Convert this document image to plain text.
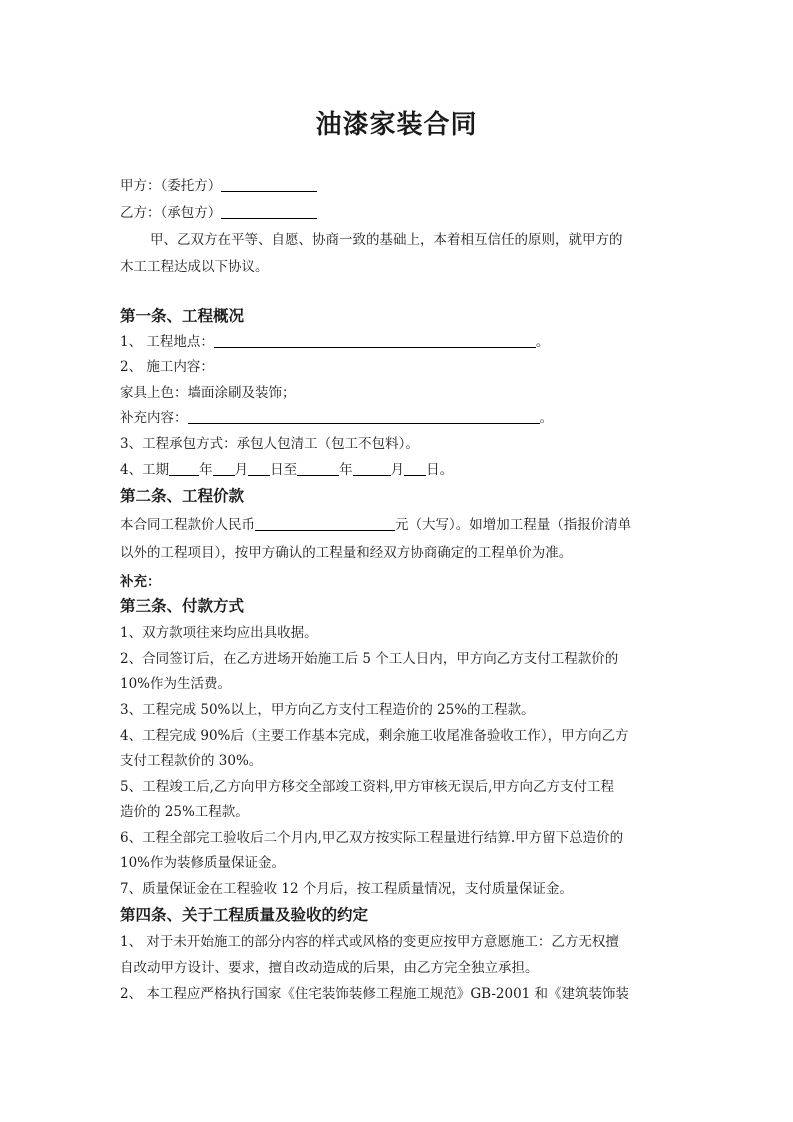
油漆家装合同
甲方：（委托方）
乙方：（承包方）
甲、乙双方在平等、自愿、协商一致的基础上，本着相互信任的原则，就甲方的
木工工程达成以下协议。
第一条、工程概况
1、 工程地点：	。
2、 施工内容：
家具上色：墙面涂刷及装饰；
补充内容：	。
3、工程承包方式：承包人包清工（包工不包料）。
4、工期 年 月 日至	年	月 日。
第二条、工程价款
本合同工程款价人民币	元（大写）。如增加工程量（指报价清单
以外的工程项目），按甲方确认的工程量和经双方协商确定的工程单价为准。
补充：
第三条、付款方式
1、双方款项往来均应出具收据。
2、合同签订后，在乙方进场开始施工后 5 个工人日内，甲方向乙方支付工程款价的
10%作为生活费。
3、工程完成 50%以上，甲方向乙方支付工程造价的 25%的工程款。
4、工程完成 90%后（主要工作基本完成，剩余施工收尾准备验收工作），甲方向乙方
支付工程款价的 30%。
5、工程竣工后,乙方向甲方移交全部竣工资料,甲方审核无误后,甲方向乙方支付工程
造价的 25%工程款。
6、工程全部完工验收后二个月内,甲乙双方按实际工程量进行结算.甲方留下总造价的
10%作为装修质量保证金。
7、质量保证金在工程验收 12 个月后，按工程质量情况，支付质量保证金。
第四条、关于工程质量及验收的约定
1、 对于未开始施工的部分内容的样式或风格的变更应按甲方意愿施工：乙方无权擅
自改动甲方设计、要求，擅自改动造成的后果，由乙方完全独立承担。
2、 本工程应严格执行国家《住宅装饰装修工程施工规范》GB-2001 和《建筑装饰装
